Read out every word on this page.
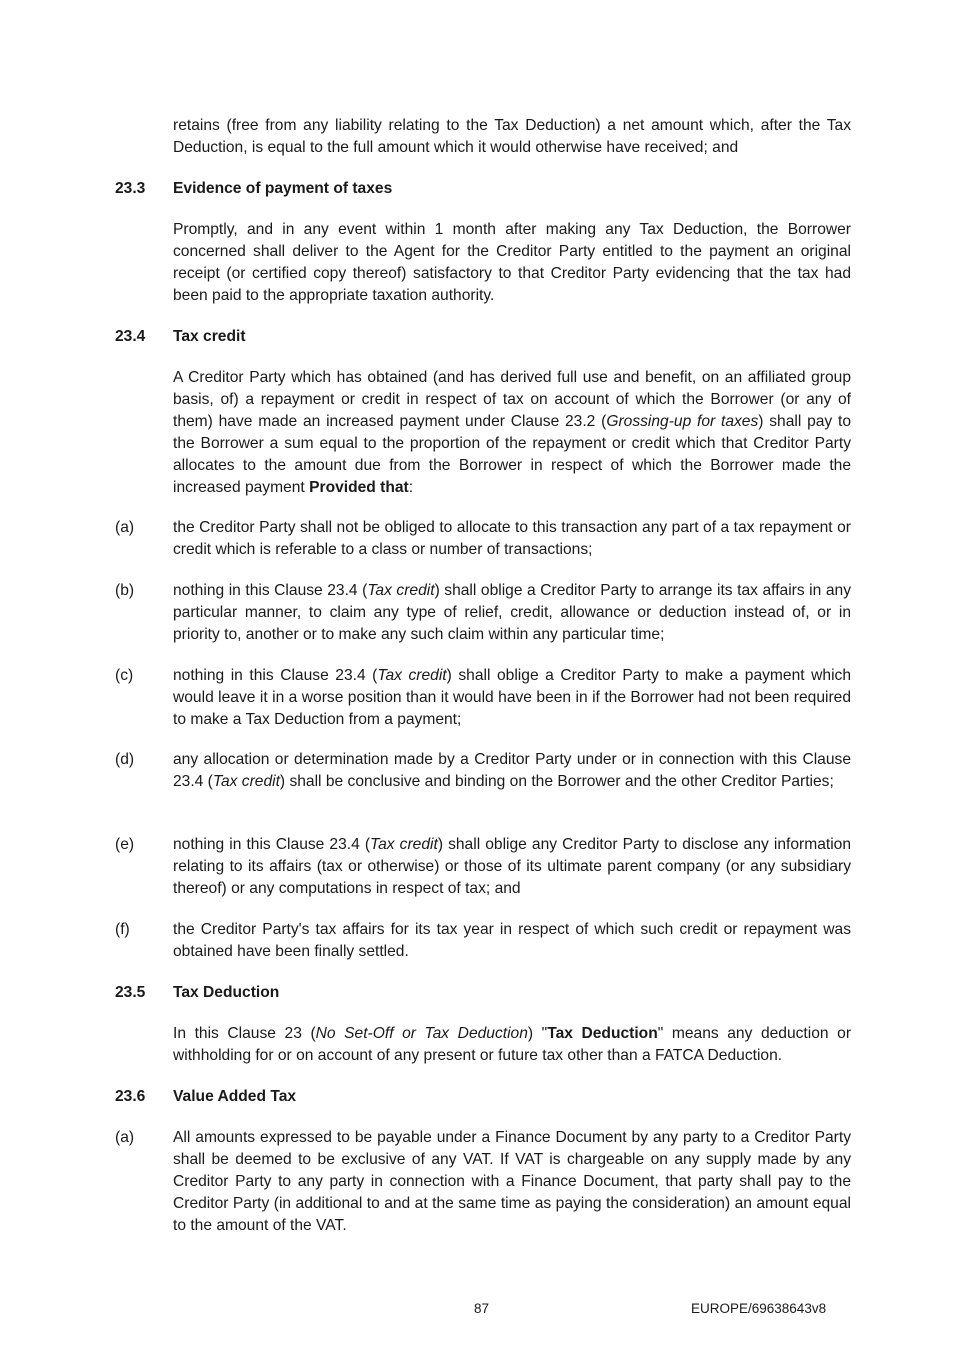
retains (free from any liability relating to the Tax Deduction) a net amount which, after the Tax Deduction, is equal to the full amount which it would otherwise have received; and

23.3 Evidence of payment of taxes

Promptly, and in any event within 1 month after making any Tax Deduction, the Borrower concerned shall deliver to the Agent for the Creditor Party entitled to the payment an original receipt (or certified copy thereof) satisfactory to that Creditor Party evidencing that the tax had been paid to the appropriate taxation authority.

23.4 Tax credit

A Creditor Party which has obtained (and has derived full use and benefit, on an affiliated group basis, of) a repayment or credit in respect of tax on account of which the Borrower (or any of them) have made an increased payment under Clause 23.2 (Grossing-up for taxes) shall pay to the Borrower a sum equal to the proportion of the repayment or credit which that Creditor Party allocates to the amount due from the Borrower in respect of which the Borrower made the increased payment Provided that:

(a)	the Creditor Party shall not be obliged to allocate to this transaction any part of a tax repayment or credit which is referable to a class or number of transactions;
(b)	nothing in this Clause 23.4 (Tax credit) shall oblige a Creditor Party to arrange its tax affairs in any particular manner, to claim any type of relief, credit, allowance or deduction instead of, or in priority to, another or to make any such claim within any particular time;
(c)	nothing in this Clause 23.4 (Tax credit) shall oblige a Creditor Party to make a payment which would leave it in a worse position than it would have been in if the Borrower had not been required to make a Tax Deduction from a payment;
(d)	any allocation or determination made by a Creditor Party under or in connection with this Clause 23.4 (Tax credit) shall be conclusive and binding on the Borrower and the other Creditor Parties;
(e)	nothing in this Clause 23.4 (Tax credit) shall oblige any Creditor Party to disclose any information relating to its affairs (tax or otherwise) or those of its ultimate parent company (or any subsidiary thereof) or any computations in respect of tax; and
(f)	the Creditor Party's tax affairs for its tax year in respect of which such credit or repayment was obtained have been finally settled.

23.5 Tax Deduction

In this Clause 23 (No Set-Off or Tax Deduction) "Tax Deduction" means any deduction or withholding for or on account of any present or future tax other than a FATCA Deduction.

23.6 Value Added Tax

(a)	All amounts expressed to be payable under a Finance Document by any party to a Creditor Party shall be deemed to be exclusive of any VAT. If VAT is chargeable on any supply made by any Creditor Party to any party in connection with a Finance Document, that party shall pay to the Creditor Party (in additional to and at the same time as paying the consideration) an amount equal to the amount of the VAT.
87	EUROPE/69638643v8
